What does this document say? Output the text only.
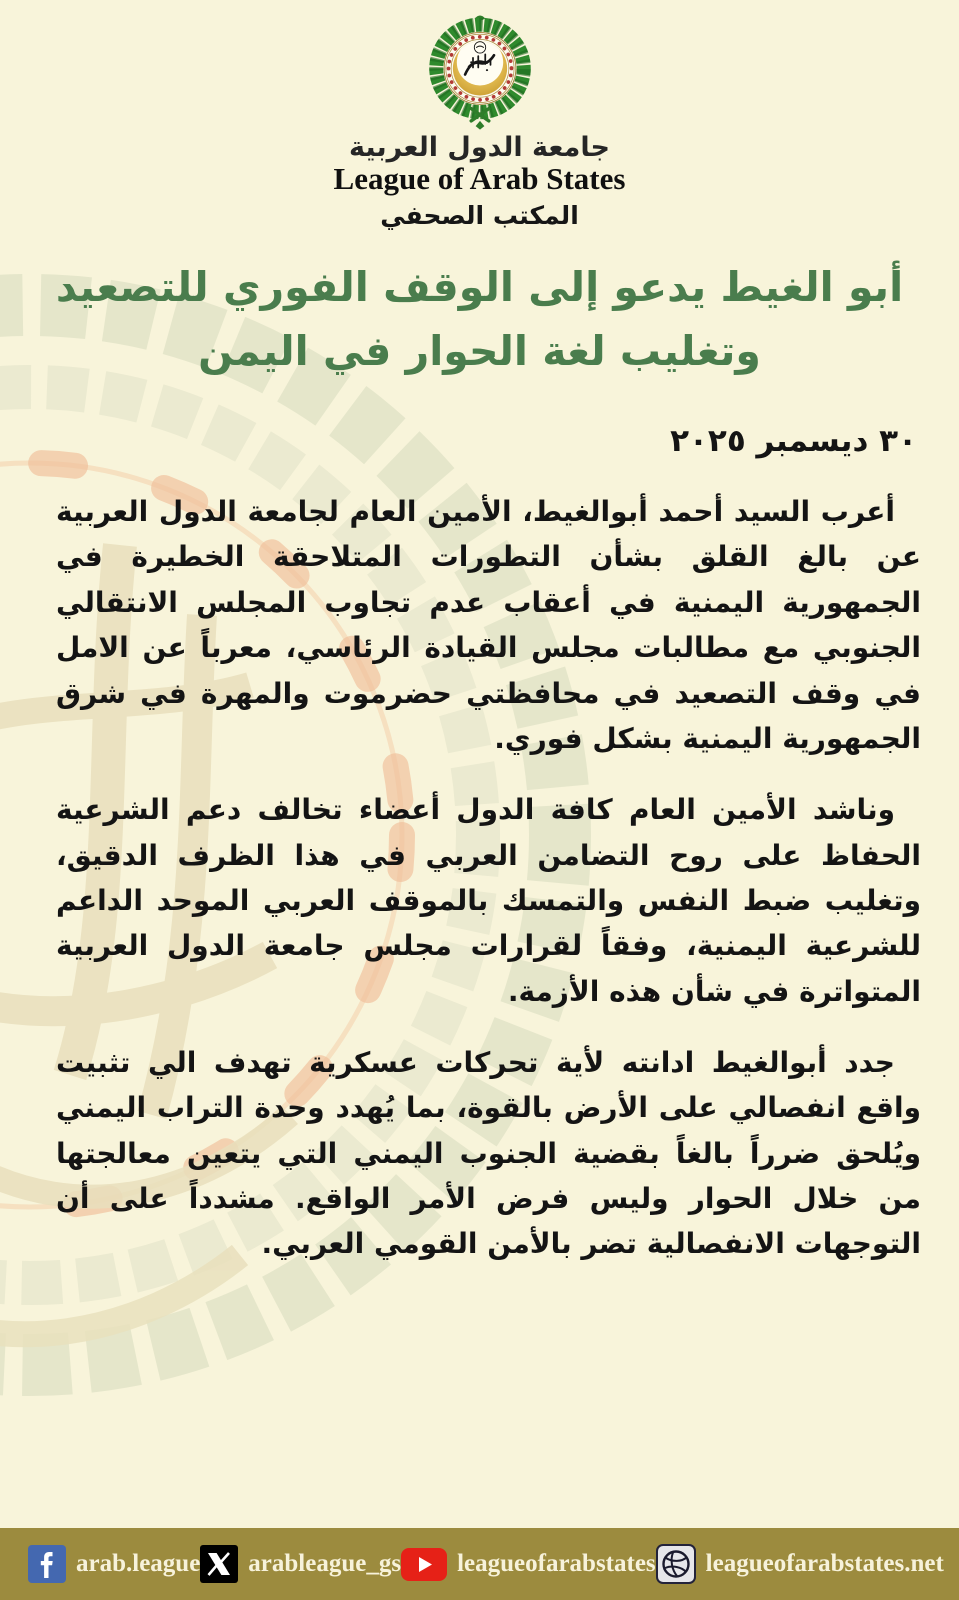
جامعة الدول العربية
League of Arab States
المكتب الصحفي
أبو الغيط يدعو إلى الوقف الفوري للتصعيد
وتغليب لغة الحوار في اليمن
٣٠ ديسمبر ٢٠٢٥

أعرب السيد أحمد أبوالغيط، الأمين العام لجامعة الدول العربية عن بالغ القلق بشأن التطورات المتلاحقة الخطيرة في الجمهورية اليمنية في أعقاب عدم تجاوب المجلس الانتقالي الجنوبي مع مطالبات مجلس القيادة الرئاسي، معرباً عن الامل في وقف التصعيد في محافظتي حضرموت والمهرة في شرق الجمهورية اليمنية بشكل فوري.

وناشد الأمين العام كافة الدول أعضاء تخالف دعم الشرعية الحفاظ على روح التضامن العربي في هذا الظرف الدقيق، وتغليب ضبط النفس والتمسك بالموقف العربي الموحد الداعم للشرعية اليمنية، وفقاً لقرارات مجلس جامعة الدول العربية المتواترة في شأن هذه الأزمة.

جدد أبوالغيط ادانته لأية تحركات عسكرية تهدف الي تثبيت واقع انفصالي على الأرض بالقوة، بما يُهدد وحدة التراب اليمني ويُلحق ضرراً بالغاً بقضية الجنوب اليمني التي يتعين معالجتها من خلال الحوار وليس فرض الأمر الواقع. مشدداً على أن التوجهات الانفصالية تضر بالأمن القومي العربي.

arab.league arableague_gs leagueofarabstates leagueofarabstates.net
